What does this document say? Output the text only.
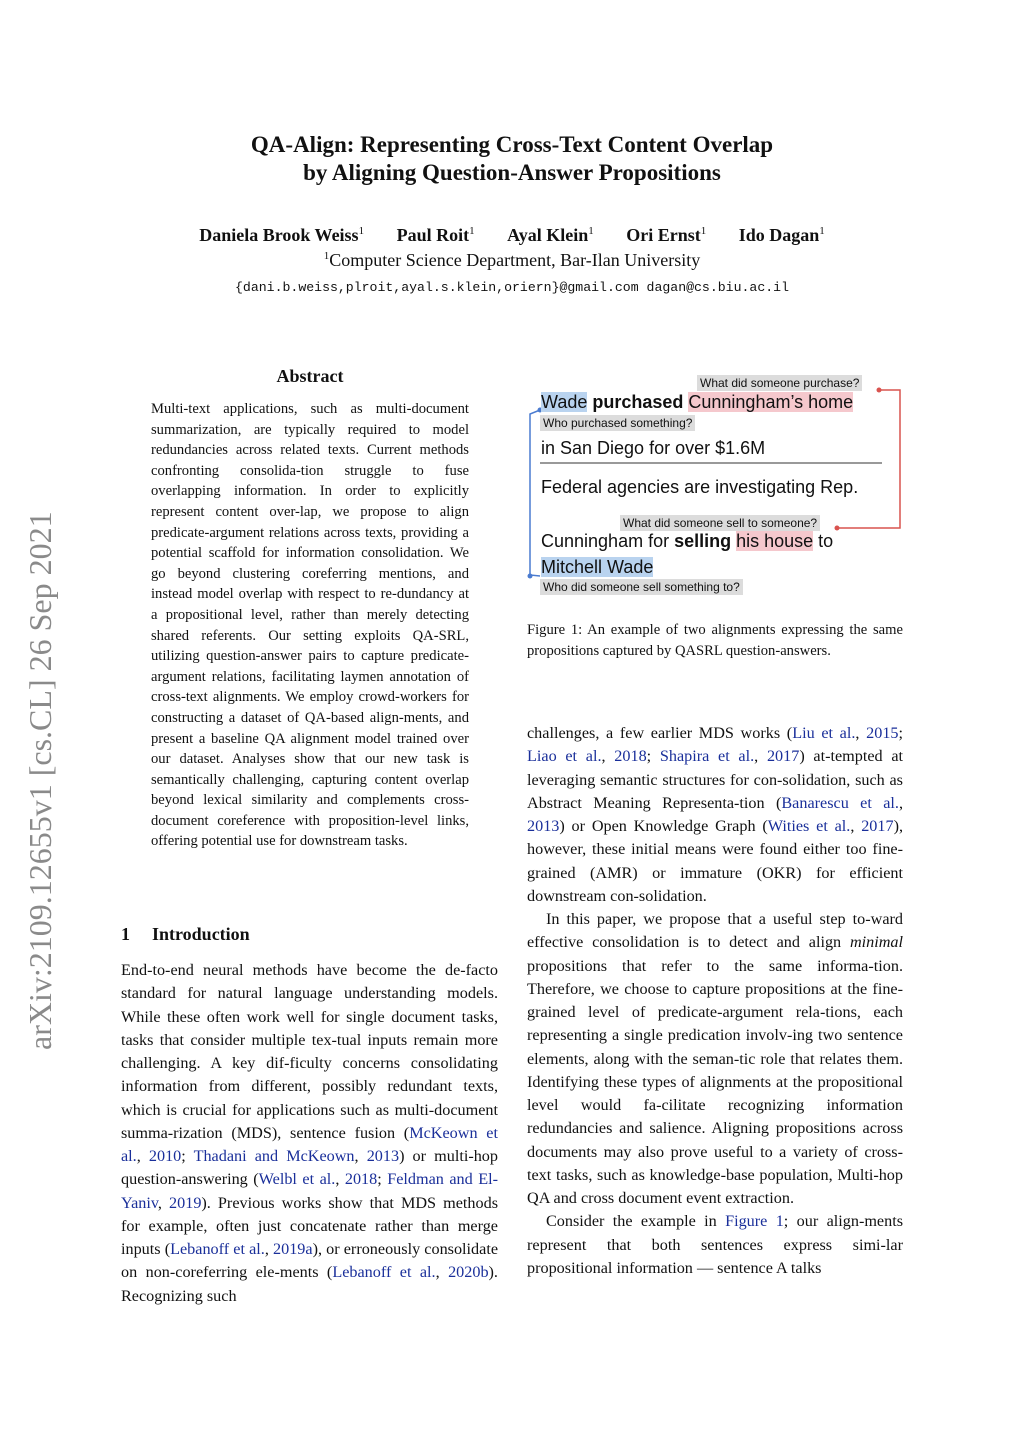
QA-Align: Representing Cross-Text Content Overlap
by Aligning Question-Answer Propositions
Daniela Brook Weiss$^1$ Paul Roit$^1$ Ayal Klein$^1$ Ori Ernst$^1$ Ido Dagan$^1$
$^1$Computer Science Department, Bar-Ilan University
{dani.b.weiss,plroit,ayal.s.klein,oriern}@gmail.com dagan@cs.biu.ac.il
arXiv:2109.12655v1 [cs.CL] 26 Sep 2021
Abstract
Multi-text applications, such as multi-document summarization, are typically required to model redundancies across related texts. Current methods confronting consolida-tion struggle to fuse overlapping information. In order to explicitly represent content over-lap, we propose to align predicate-argument relations across texts, providing a potential scaffold for information consolidation. We go beyond clustering coreferring mentions, and instead model overlap with respect to re-dundancy at a propositional level, rather than merely detecting shared referents. Our setting exploits QA-SRL, utilizing question-answer pairs to capture predicate-argument relations, facilitating laymen annotation of cross-text alignments. We employ crowd-workers for constructing a dataset of QA-based align-ments, and present a baseline QA alignment model trained over our dataset. Analyses show that our new task is semantically challenging, capturing content overlap beyond lexical similarity and complements cross-document coreference with proposition-level links, offering potential use for downstream tasks.
1 Introduction

End-to-end neural methods have become the de-facto standard for natural language understanding models. While these often work well for single document tasks, tasks that consider multiple tex-tual inputs remain more challenging. A key dif-ficulty concerns consolidating information from different, possibly redundant texts, which is crucial for applications such as multi-document summa-rization (MDS), sentence fusion (McKeown et al., 2010; Thadani and McKeown, 2013) or multi-hop question-answering (Welbl et al., 2018; Feldman and El-Yaniv, 2019). Previous works show that MDS methods for example, often just concatenate rather than merge inputs (Lebanoff et al., 2019a), or erroneously consolidate on non-coreferring ele-ments (Lebanoff et al., 2020b). Recognizing such

What did someone purchase?
Wade purchased Cunningham’s home
Who purchased something?
in San Diego for over $1.6M
Federal agencies are investigating Rep.
What did someone sell to someone?
Cunningham for selling his house to
Mitchell Wade
Who did someone sell something to?
Figure 1: An example of two alignments expressing the same propositions captured by QASRL question-answers.

challenges, a few earlier MDS works (Liu et al., 2015; Liao et al., 2018; Shapira et al., 2017) at-tempted at leveraging semantic structures for con-solidation, such as Abstract Meaning Representa-tion (Banarescu et al., 2013) or Open Knowledge Graph (Wities et al., 2017), however, these initial means were found either too fine-grained (AMR) or immature (OKR) for efficient downstream con-solidation.

In this paper, we propose that a useful step to-ward effective consolidation is to detect and align minimal propositions that refer to the same informa-tion. Therefore, we choose to capture propositions at the fine-grained level of predicate-argument rela-tions, each representing a single predication involv-ing two sentence elements, along with the seman-tic role that relates them. Identifying these types of alignments at the propositional level would fa-cilitate recognizing information redundancies and salience. Aligning propositions across documents may also prove useful to a variety of cross-text tasks, such as knowledge-base population, Multi-hop QA and cross document event extraction.

Consider the example in Figure 1; our align-ments represent that both sentences express simi-lar propositional information — sentence A talks
